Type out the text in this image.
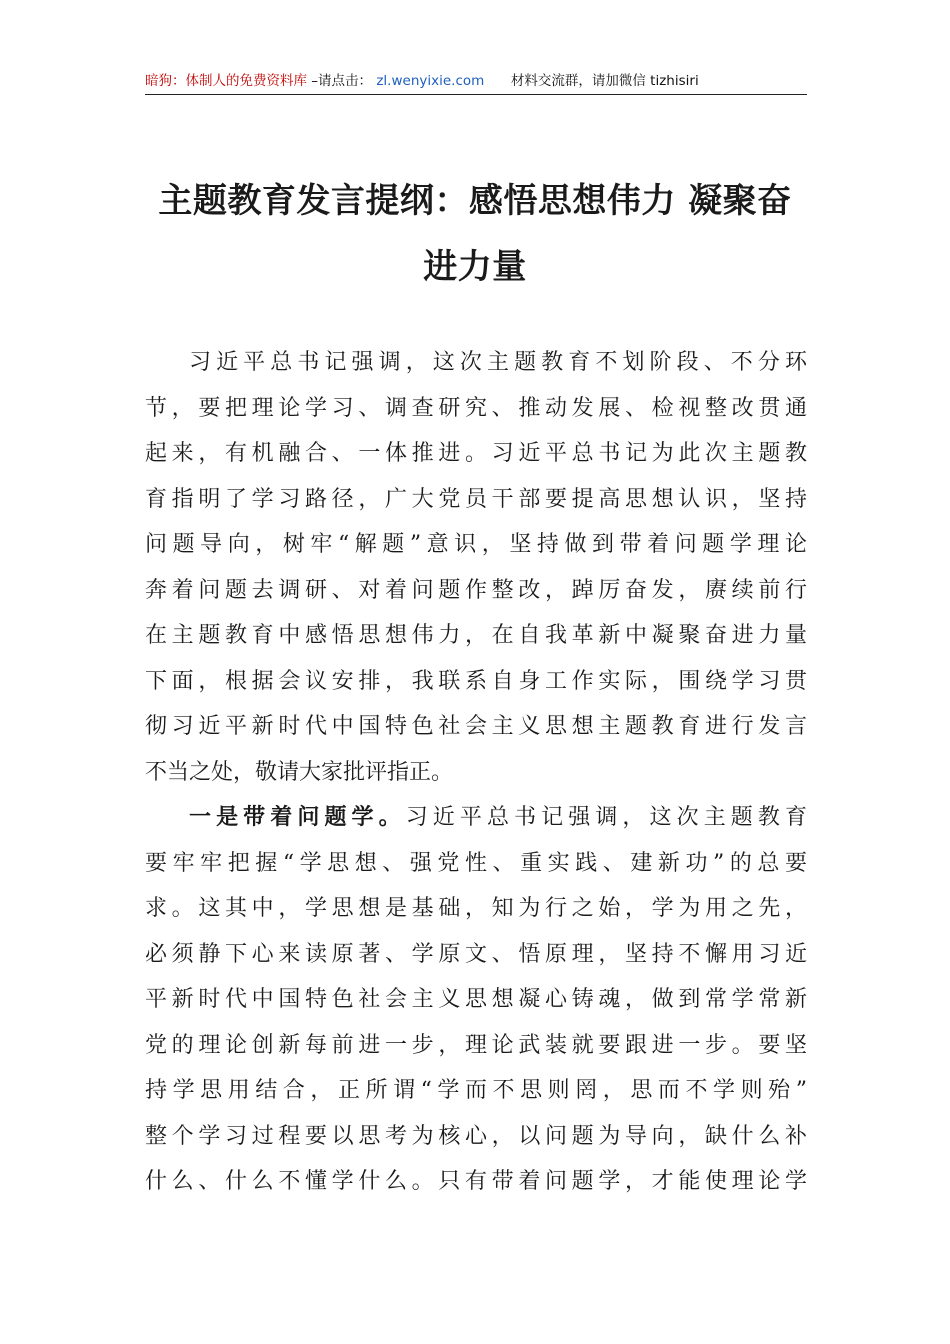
暗狗：体制人的免费资料库 –请点击： zl.wenyixie.com 材料交流群，请加微信 tizhisiri
主题教育发言提纲：感悟思想伟力 凝聚奋
进力量
习近平总书记强调，这次主题教育不划阶段、不分环
节，要把理论学习、调查研究、推动发展、检视整改贯通
起来，有机融合、一体推进。习近平总书记为此次主题教
育指明了学习路径，广大党员干部要提高思想认识，坚持
问题导向，树牢“解题”意识，坚持做到带着问题学理论
奔着问题去调研、对着问题作整改，踔厉奋发，赓续前行
在主题教育中感悟思想伟力，在自我革新中凝聚奋进力量
下面，根据会议安排，我联系自身工作实际，围绕学习贯
彻习近平新时代中国特色社会主义思想主题教育进行发言
不当之处，敬请大家批评指正。
一是带着问题学。习近平总书记强调，这次主题教育
要牢牢把握“学思想、强党性、重实践、建新功”的总要
求。这其中，学思想是基础，知为行之始，学为用之先，
必须静下心来读原著、学原文、悟原理，坚持不懈用习近
平新时代中国特色社会主义思想凝心铸魂，做到常学常新
党的理论创新每前进一步，理论武装就要跟进一步。要坚
持学思用结合，正所谓“学而不思则罔，思而不学则殆”
整个学习过程要以思考为核心，以问题为导向，缺什么补
什么、什么不懂学什么。只有带着问题学，才能使理论学
